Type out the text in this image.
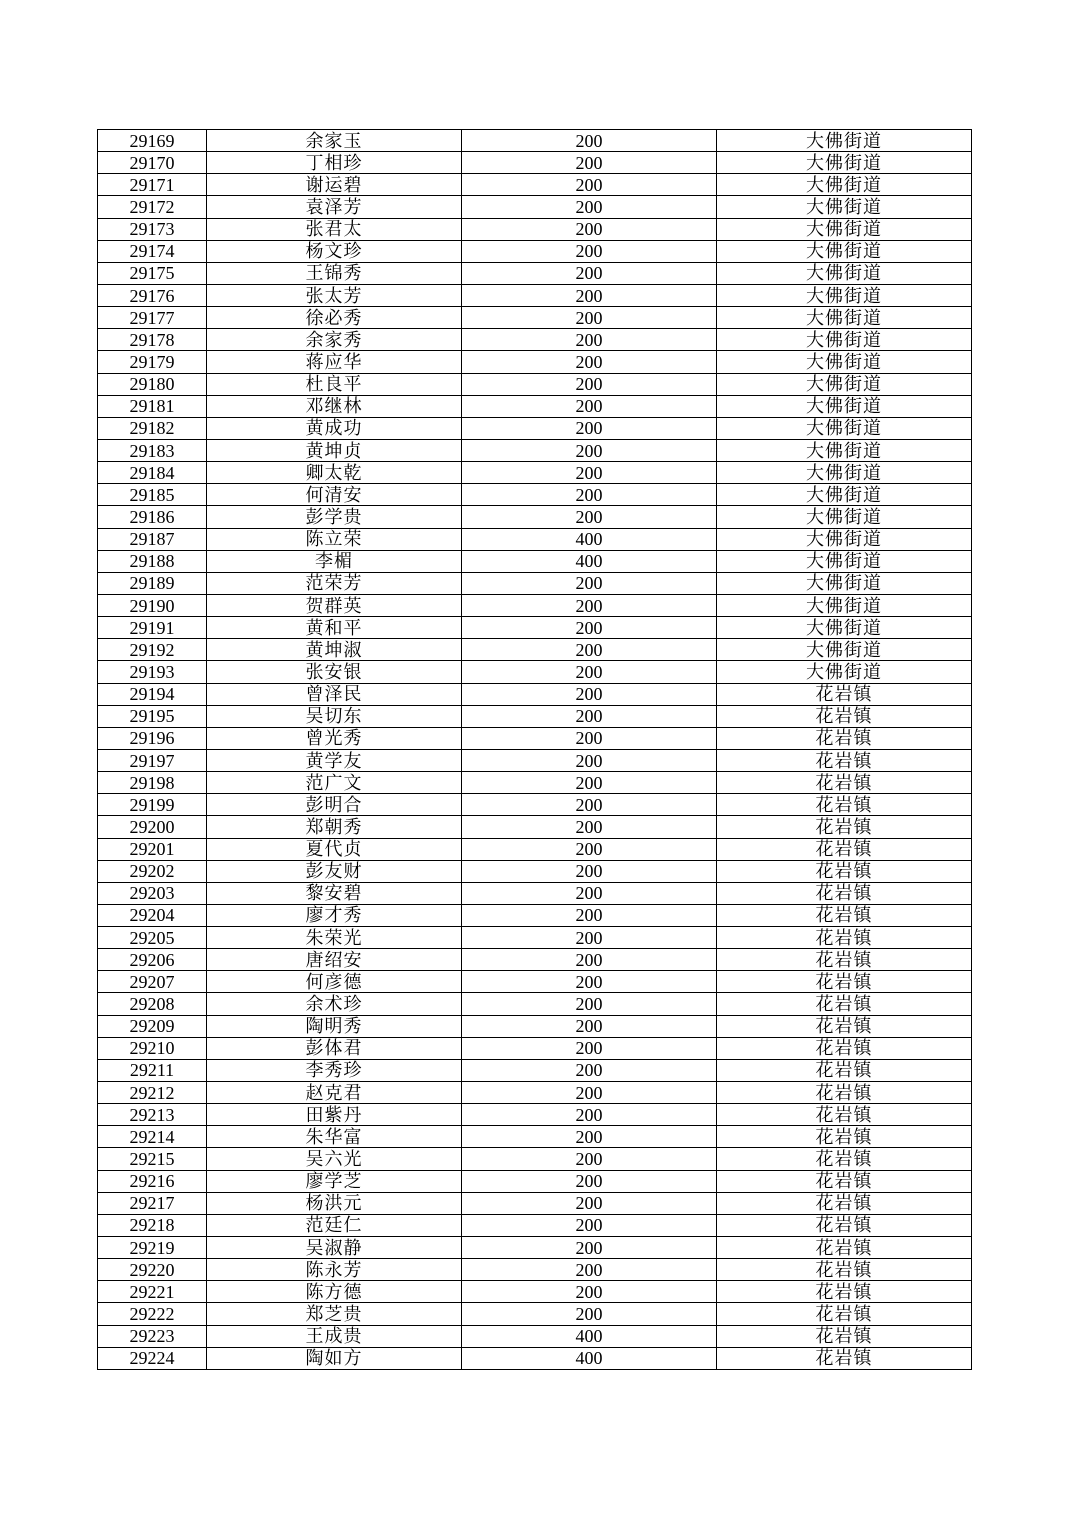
29169	余家玉	200	大佛街道
29170	丁相珍	200	大佛街道
29171	谢运碧	200	大佛街道
29172	袁泽芳	200	大佛街道
29173	张君太	200	大佛街道
29174	杨文珍	200	大佛街道
29175	王锦秀	200	大佛街道
29176	张太芳	200	大佛街道
29177	徐必秀	200	大佛街道
29178	余家秀	200	大佛街道
29179	蒋应华	200	大佛街道
29180	杜良平	200	大佛街道
29181	邓继林	200	大佛街道
29182	黄成功	200	大佛街道
29183	黄坤贞	200	大佛街道
29184	卿太乾	200	大佛街道
29185	何清安	200	大佛街道
29186	彭学贵	200	大佛街道
29187	陈立荣	400	大佛街道
29188	李楣	400	大佛街道
29189	范荣芳	200	大佛街道
29190	贺群英	200	大佛街道
29191	黄和平	200	大佛街道
29192	黄坤淑	200	大佛街道
29193	张安银	200	大佛街道
29194	曾泽民	200	花岩镇
29195	吴切东	200	花岩镇
29196	曾光秀	200	花岩镇
29197	黄学友	200	花岩镇
29198	范广文	200	花岩镇
29199	彭明合	200	花岩镇
29200	郑朝秀	200	花岩镇
29201	夏代贞	200	花岩镇
29202	彭友财	200	花岩镇
29203	黎安碧	200	花岩镇
29204	廖才秀	200	花岩镇
29205	朱荣光	200	花岩镇
29206	唐绍安	200	花岩镇
29207	何彦德	200	花岩镇
29208	余术珍	200	花岩镇
29209	陶明秀	200	花岩镇
29210	彭体君	200	花岩镇
29211	李秀珍	200	花岩镇
29212	赵克君	200	花岩镇
29213	田紫丹	200	花岩镇
29214	朱华富	200	花岩镇
29215	吴六光	200	花岩镇
29216	廖学芝	200	花岩镇
29217	杨洪元	200	花岩镇
29218	范廷仁	200	花岩镇
29219	吴淑静	200	花岩镇
29220	陈永芳	200	花岩镇
29221	陈方德	200	花岩镇
29222	郑芝贵	200	花岩镇
29223	王成贵	400	花岩镇
29224	陶如方	400	花岩镇
